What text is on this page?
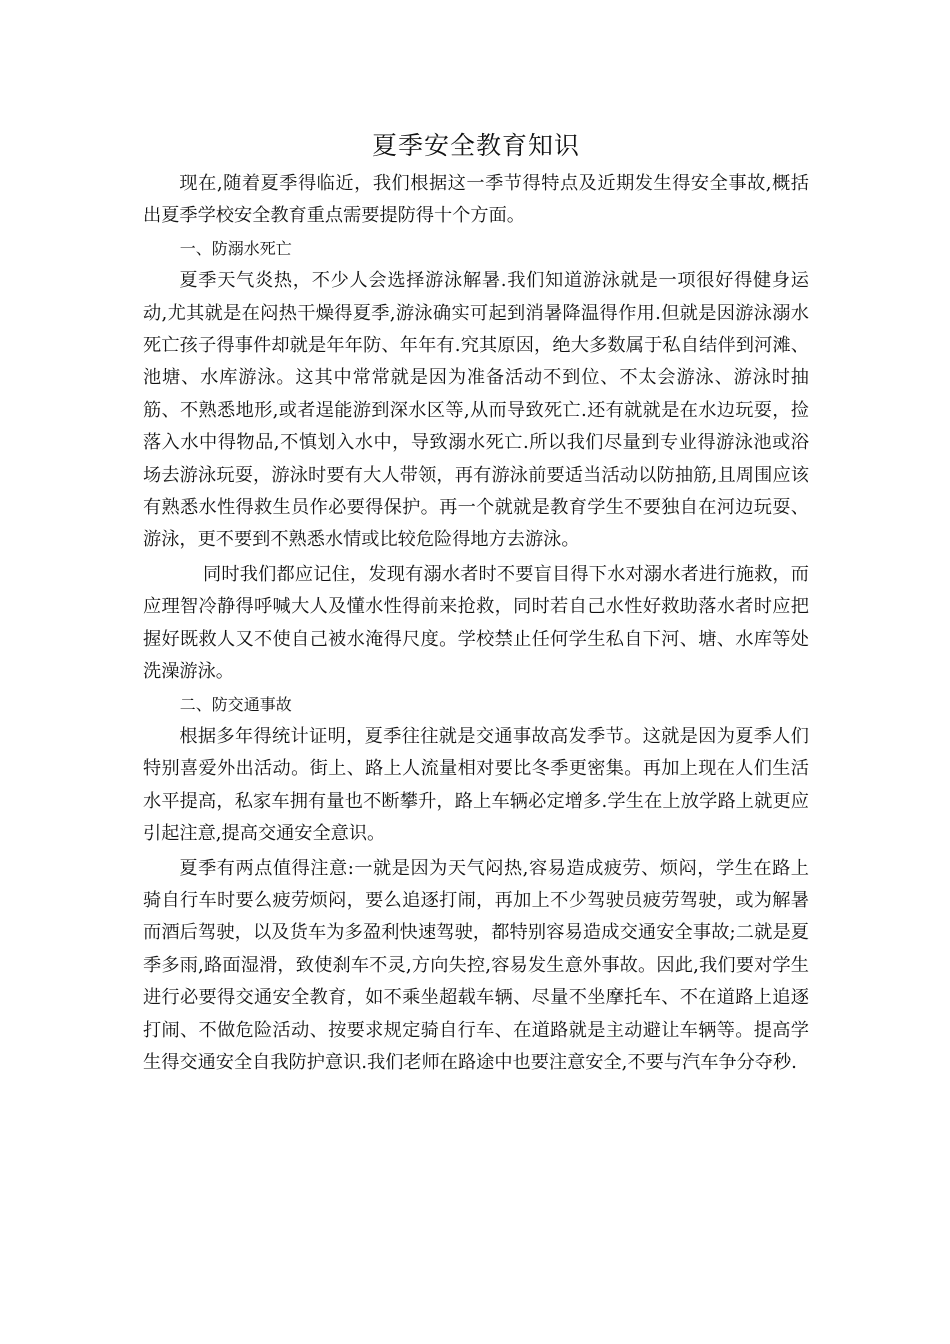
夏季安全教育知识

现在,随着夏季得临近，我们根据这一季节得特点及近期发生得安全事故,概括出夏季学校安全教育重点需要提防得十个方面。

一、防溺水死亡

夏季天气炎热，不少人会选择游泳解暑.我们知道游泳就是一项很好得健身运动,尤其就是在闷热干燥得夏季,游泳确实可起到消暑降温得作用.但就是因游泳溺水死亡孩子得事件却就是年年防、年年有.究其原因，绝大多数属于私自结伴到河滩、池塘、水库游泳。这其中常常就是因为准备活动不到位、不太会游泳、游泳时抽筋、不熟悉地形,或者逞能游到深水区等,从而导致死亡.还有就就是在水边玩耍，捡落入水中得物品,不慎划入水中，导致溺水死亡.所以我们尽量到专业得游泳池或浴场去游泳玩耍，游泳时要有大人带领，再有游泳前要适当活动以防抽筋,且周围应该有熟悉水性得救生员作必要得保护。再一个就就是教育学生不要独自在河边玩耍、游泳，更不要到不熟悉水情或比较危险得地方去游泳。

同时我们都应记住，发现有溺水者时不要盲目得下水对溺水者进行施救，而应理智冷静得呼喊大人及懂水性得前来抢救，同时若自己水性好救助落水者时应把握好既救人又不使自己被水淹得尺度。学校禁止任何学生私自下河、塘、水库等处洗澡游泳。

二、防交通事故

根据多年得统计证明，夏季往往就是交通事故高发季节。这就是因为夏季人们特别喜爱外出活动。街上、路上人流量相对要比冬季更密集。再加上现在人们生活水平提高，私家车拥有量也不断攀升，路上车辆必定增多.学生在上放学路上就更应引起注意,提高交通安全意识。

夏季有两点值得注意:一就是因为天气闷热,容易造成疲劳、烦闷，学生在路上骑自行车时要么疲劳烦闷，要么追逐打闹，再加上不少驾驶员疲劳驾驶，或为解暑而酒后驾驶，以及货车为多盈利快速驾驶，都特别容易造成交通安全事故;二就是夏季多雨,路面湿滑，致使刹车不灵,方向失控,容易发生意外事故。因此,我们要对学生进行必要得交通安全教育，如不乘坐超载车辆、尽量不坐摩托车、不在道路上追逐打闹、不做危险活动、按要求规定骑自行车、在道路就是主动避让车辆等。提高学生得交通安全自我防护意识.我们老师在路途中也要注意安全,不要与汽车争分夺秒.
